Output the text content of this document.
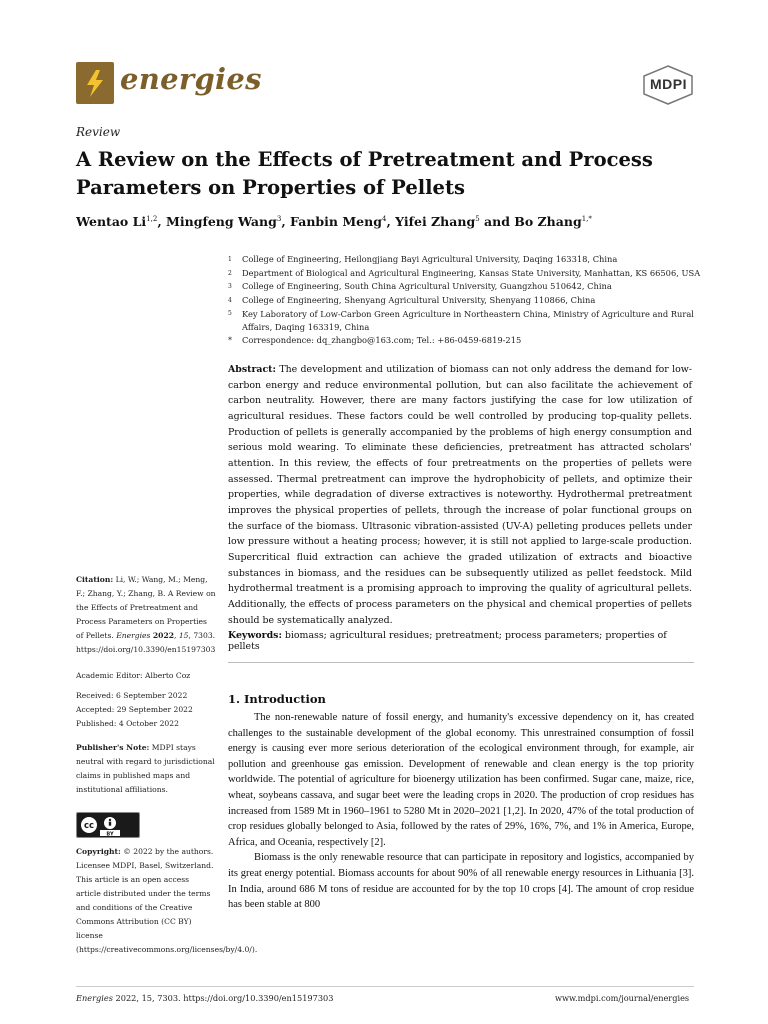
energies	MDPI
Review
A Review on the Effects of Pretreatment and Process Parameters on Properties of Pellets
Wentao Li$^{1,2}$, Mingfeng Wang$^3$, Fanbin Meng$^4$, Yifei Zhang$^5$ and Bo Zhang$^{1,*}$
1	College of Engineering, Heilongjiang Bayi Agricultural University, Daqing 163318, China
2	Department of Biological and Agricultural Engineering, Kansas State University, Manhattan, KS 66506, USA
3	College of Engineering, South China Agricultural University, Guangzhou 510642, China
4	College of Engineering, Shenyang Agricultural University, Shenyang 110866, China
5	Key Laboratory of Low-Carbon Green Agriculture in Northeastern China, Ministry of Agriculture and Rural Affairs, Daqing 163319, China
*	Correspondence: dq_zhangbo@163.com; Tel.: +86-0459-6819-215
Abstract: The development and utilization of biomass can not only address the demand for low-carbon energy and reduce environmental pollution, but can also facilitate the achievement of carbon neutrality. However, there are many factors justifying the case for low utilization of agricultural residues. These factors could be well controlled by producing top-quality pellets. Production of pellets is generally accompanied by the problems of high energy consumption and serious mold wearing. To eliminate these deficiencies, pretreatment has attracted scholars' attention. In this review, the effects of four pretreatments on the properties of pellets were assessed. Thermal pretreatment can improve the hydrophobicity of pellets, and optimize their properties, while degradation of diverse extractives is noteworthy. Hydrothermal pretreatment improves the physical properties of pellets, through the increase of polar functional groups on the surface of the biomass. Ultrasonic vibration-assisted (UV-A) pelleting produces pellets under low pressure without a heating process; however, it is still not applied to large-scale production. Supercritical fluid extraction can achieve the graded utilization of extracts and bioactive substances in biomass, and the residues can be subsequently utilized as pellet feedstock. Mild hydrothermal treatment is a promising approach to improving the quality of agricultural pellets. Additionally, the effects of process parameters on the physical and chemical properties of pellets should be systematically analyzed.
Keywords: biomass; agricultural residues; pretreatment; process parameters; properties of pellets
Citation: Li, W.; Wang, M.; Meng, F.; Zhang, Y.; Zhang, B. A Review on the Effects of Pretreatment and Process Parameters on Properties of Pellets. Energies 2022, 15, 7303. https://doi.org/10.3390/en15197303
Academic Editor: Alberto Coz
Received: 6 September 2022
Accepted: 29 September 2022
Published: 4 October 2022
Publisher's Note: MDPI stays neutral with regard to jurisdictional claims in published maps and institutional affiliations.
cc
BY
Copyright: © 2022 by the authors. Licensee MDPI, Basel, Switzerland. This article is an open access article distributed under the terms and conditions of the Creative Commons Attribution (CC BY) license (https://creativecommons.org/licenses/by/4.0/).
1. Introduction

The non-renewable nature of fossil energy, and humanity's excessive dependency on it, has created challenges to the sustainable development of the global economy. This unrestrained consumption of fossil energy is causing ever more serious deterioration of the ecological environment through, for example, air pollution and greenhouse gas emission. Development of renewable and clean energy is the top priority worldwide. The potential of agriculture for bioenergy utilization has been confirmed. Sugar cane, maize, rice, wheat, soybeans cassava, and sugar beet were the leading crops in 2020. The production of crop residues has increased from 1589 Mt in 1960–1961 to 5280 Mt in 2020–2021 [1,2]. In 2020, 47% of the total production of crop residues globally belonged to Asia, followed by the rates of 29%, 16%, 7%, and 1% in America, Europe, Africa, and Oceania, respectively [2].

Biomass is the only renewable resource that can participate in repository and logistics, accompanied by its great energy potential. Biomass accounts for about 90% of all renewable energy resources in Lithuania [3]. In India, around 686 M tons of residue are accounted for by the top 10 crops [4]. The amount of crop residue has been stable at 800

Energies 2022, 15, 7303. https://doi.org/10.3390/en15197303	www.mdpi.com/journal/energies
